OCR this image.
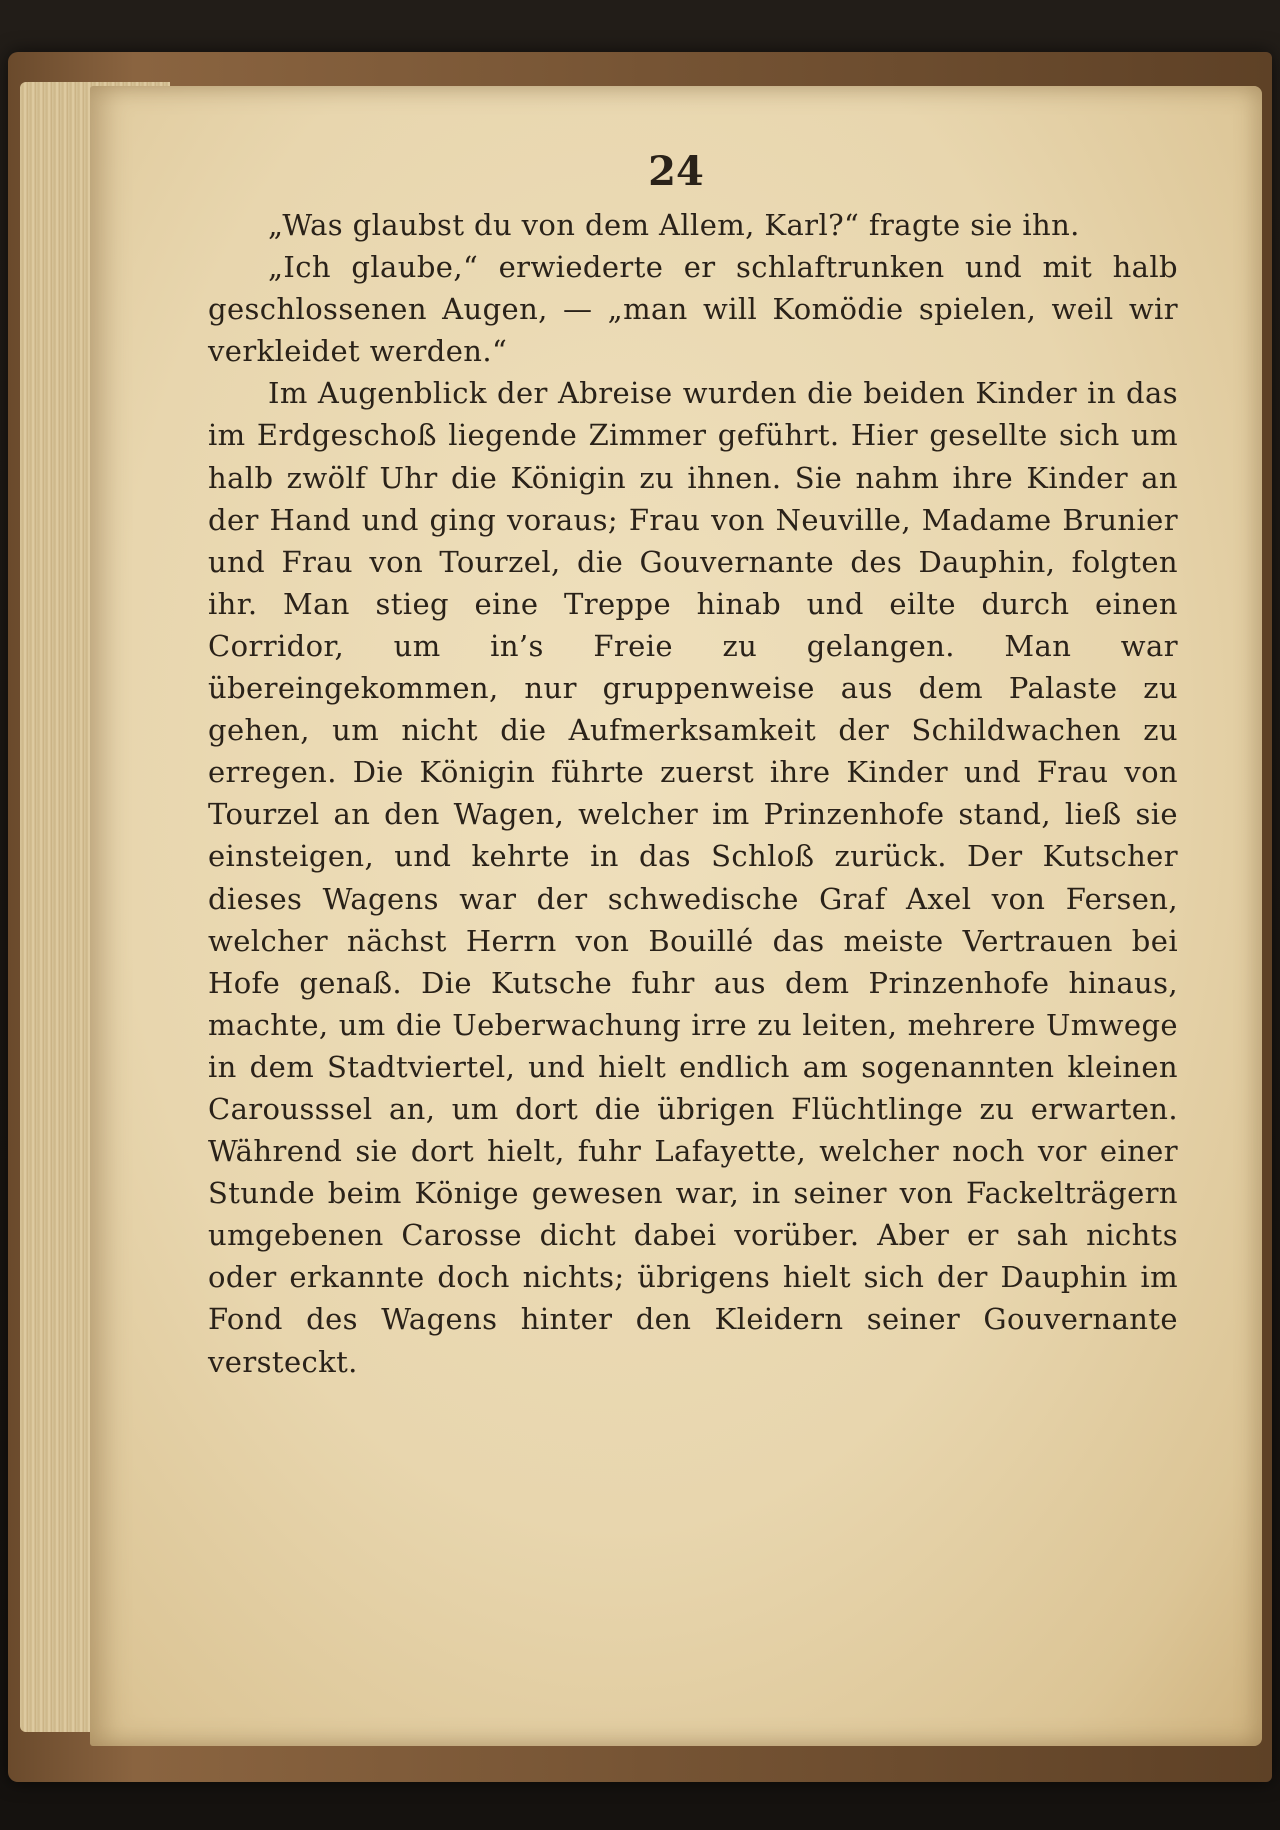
24

„Was glaubst du von dem Allem, Karl?“ fragte sie ihn.

„Ich glaube,“ erwiederte er schlaftrunken und mit halb geschlossenen Augen, — „man will Komödie spielen, weil wir verkleidet werden.“

Im Augenblick der Abreise wurden die beiden Kinder in das im Erdgeschoß liegende Zimmer geführt. Hier gesellte sich um halb zwölf Uhr die Königin zu ihnen. Sie nahm ihre Kinder an der Hand und ging voraus; Frau von Neuville, Madame Brunier und Frau von Tourzel, die Gouvernante des Dauphin, folgten ihr. Man stieg eine Treppe hinab und eilte durch einen Corridor, um in’s Freie zu gelangen. Man war übereingekommen, nur gruppenweise aus dem Palaste zu gehen, um nicht die Aufmerksamkeit der Schildwachen zu erregen. Die Königin führte zuerst ihre Kinder und Frau von Tourzel an den Wagen, welcher im Prinzenhofe stand, ließ sie einsteigen, und kehrte in das Schloß zurück. Der Kutscher dieses Wagens war der schwedische Graf Axel von Fersen, welcher nächst Herrn von Bouillé das meiste Vertrauen bei Hofe genaß. Die Kutsche fuhr aus dem Prinzenhofe hinaus, machte, um die Ueberwachung irre zu leiten, mehrere Umwege in dem Stadtviertel, und hielt endlich am sogenannten kleinen Carousssel an, um dort die übrigen Flüchtlinge zu erwarten. Während sie dort hielt, fuhr Lafayette, welcher noch vor einer Stunde beim Könige gewesen war, in seiner von Fackelträgern umgebenen Carosse dicht dabei vorüber. Aber er sah nichts oder erkannte doch nichts; übrigens hielt sich der Dauphin im Fond des Wagens hinter den Kleidern seiner Gouvernante versteckt.
